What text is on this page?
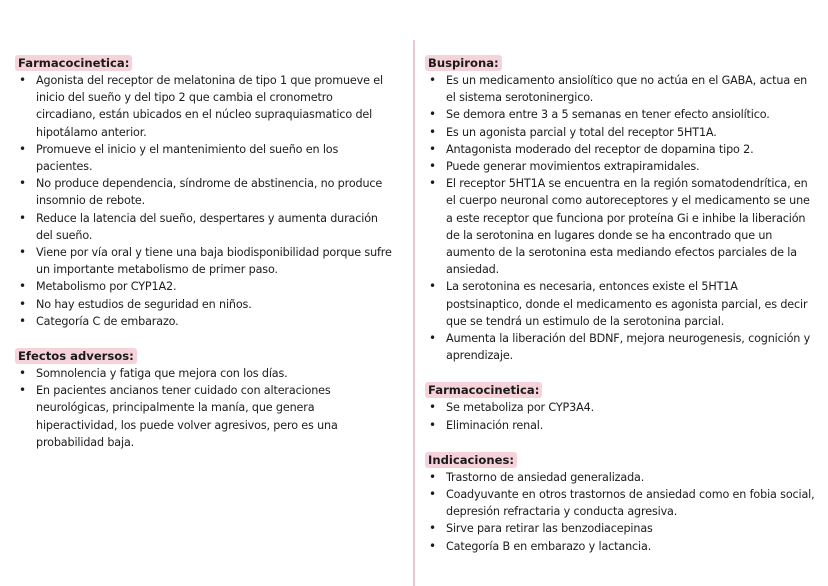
Farmacocinetica:
• Agonista del receptor de melatonina de tipo 1 que promueve el inicio del sueño y del tipo 2 que cambia el cronometro circadiano, están ubicados en el núcleo supraquiasmatico del hipotálamo anterior.
• Promueve el inicio y el mantenimiento del sueño en los pacientes.
• No produce dependencia, síndrome de abstinencia, no produce insomnio de rebote.
• Reduce la latencia del sueño, despertares y aumenta duración del sueño.
• Viene por vía oral y tiene una baja biodisponibilidad porque sufre un importante metabolismo de primer paso.
• Metabolismo por CYP1A2.
• No hay estudios de seguridad en niños.
• Categoría C de embarazo.
Efectos adversos:
• Somnolencia y fatiga que mejora con los días.
• En pacientes ancianos tener cuidado con alteraciones neurológicas, principalmente la manía, que genera hiperactividad, los puede volver agresivos, pero es una probabilidad baja.
Buspirona:
• Es un medicamento ansiolítico que no actúa en el GABA, actua en el sistema serotoninergico.
• Se demora entre 3 a 5 semanas en tener efecto ansiolítico.
• Es un agonista parcial y total del receptor 5HT1A.
• Antagonista moderado del receptor de dopamina tipo 2.
• Puede generar movimientos extrapiramidales.
• El receptor 5HT1A se encuentra en la región somatodendrítica, en el cuerpo neuronal como autoreceptores y el medicamento se une a este receptor que funciona por proteína Gi e inhibe la liberación de la serotonina en lugares donde se ha encontrado que un aumento de la serotonina esta mediando efectos parciales de la ansiedad.
• La serotonina es necesaria, entonces existe el 5HT1A postsinaptico, donde el medicamento es agonista parcial, es decir que se tendrá un estimulo de la serotonina parcial.
• Aumenta la liberación del BDNF, mejora neurogenesis, cognición y aprendizaje.
Farmacocinetica:
• Se metaboliza por CYP3A4.
• Eliminación renal.
Indicaciones:
• Trastorno de ansiedad generalizada.
• Coadyuvante en otros trastornos de ansiedad como en fobia social, depresión refractaria y conducta agresiva.
• Sirve para retirar las benzodiacepinas
• Categoría B en embarazo y lactancia.
